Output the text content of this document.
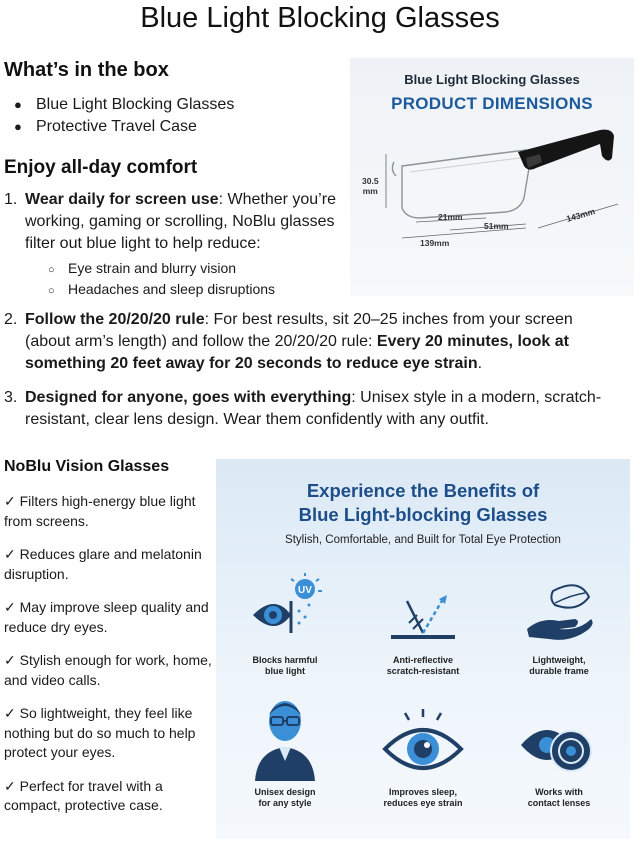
Blue Light Blocking Glasses
What’s in the box
● Blue Light Blocking Glasses
● Protective Travel Case
Enjoy all-day comfort
1. Wear daily for screen use: Whether you’re working, gaming or scrolling, NoBlu glasses filter out blue light to help reduce:
○ Eye strain and blurry vision
○ Headaches and sleep disruptions
2. Follow the 20/20/20 rule: For best results, sit 20–25 inches from your screen (about arm’s length) and follow the 20/20/20 rule: Every 20 minutes, look at something 20 feet away for 20 seconds to reduce eye strain.
3. Designed for anyone, goes with everything: Unisex style in a modern, scratch- resistant, clear lens design. Wear them confidently with any outfit.
Blue Light Blocking Glasses
PRODUCT DIMENSIONS
30.5
mm
21mm
51mm
143mm
139mm
NoBlu Vision Glasses
✓ Filters high-energy blue light from screens.
✓ Reduces glare and melatonin disruption.
✓ May improve sleep quality and reduce dry eyes.
✓ Stylish enough for work, home, and video calls.
✓ So lightweight, they feel like nothing but do so much to help protect your eyes.
✓ Perfect for travel with a compact, protective case.
Experience the Benefits of
Blue Light-blocking Glasses
Stylish, Comfortable, and Built for Total Eye Protection
UV
Blocks harmful
blue light
Anti-reflective
scratch-resistant
Lightweight,
durable frame
Unisex design
for any style
Improves sleep,
reduces eye strain
Works with
contact lenses
